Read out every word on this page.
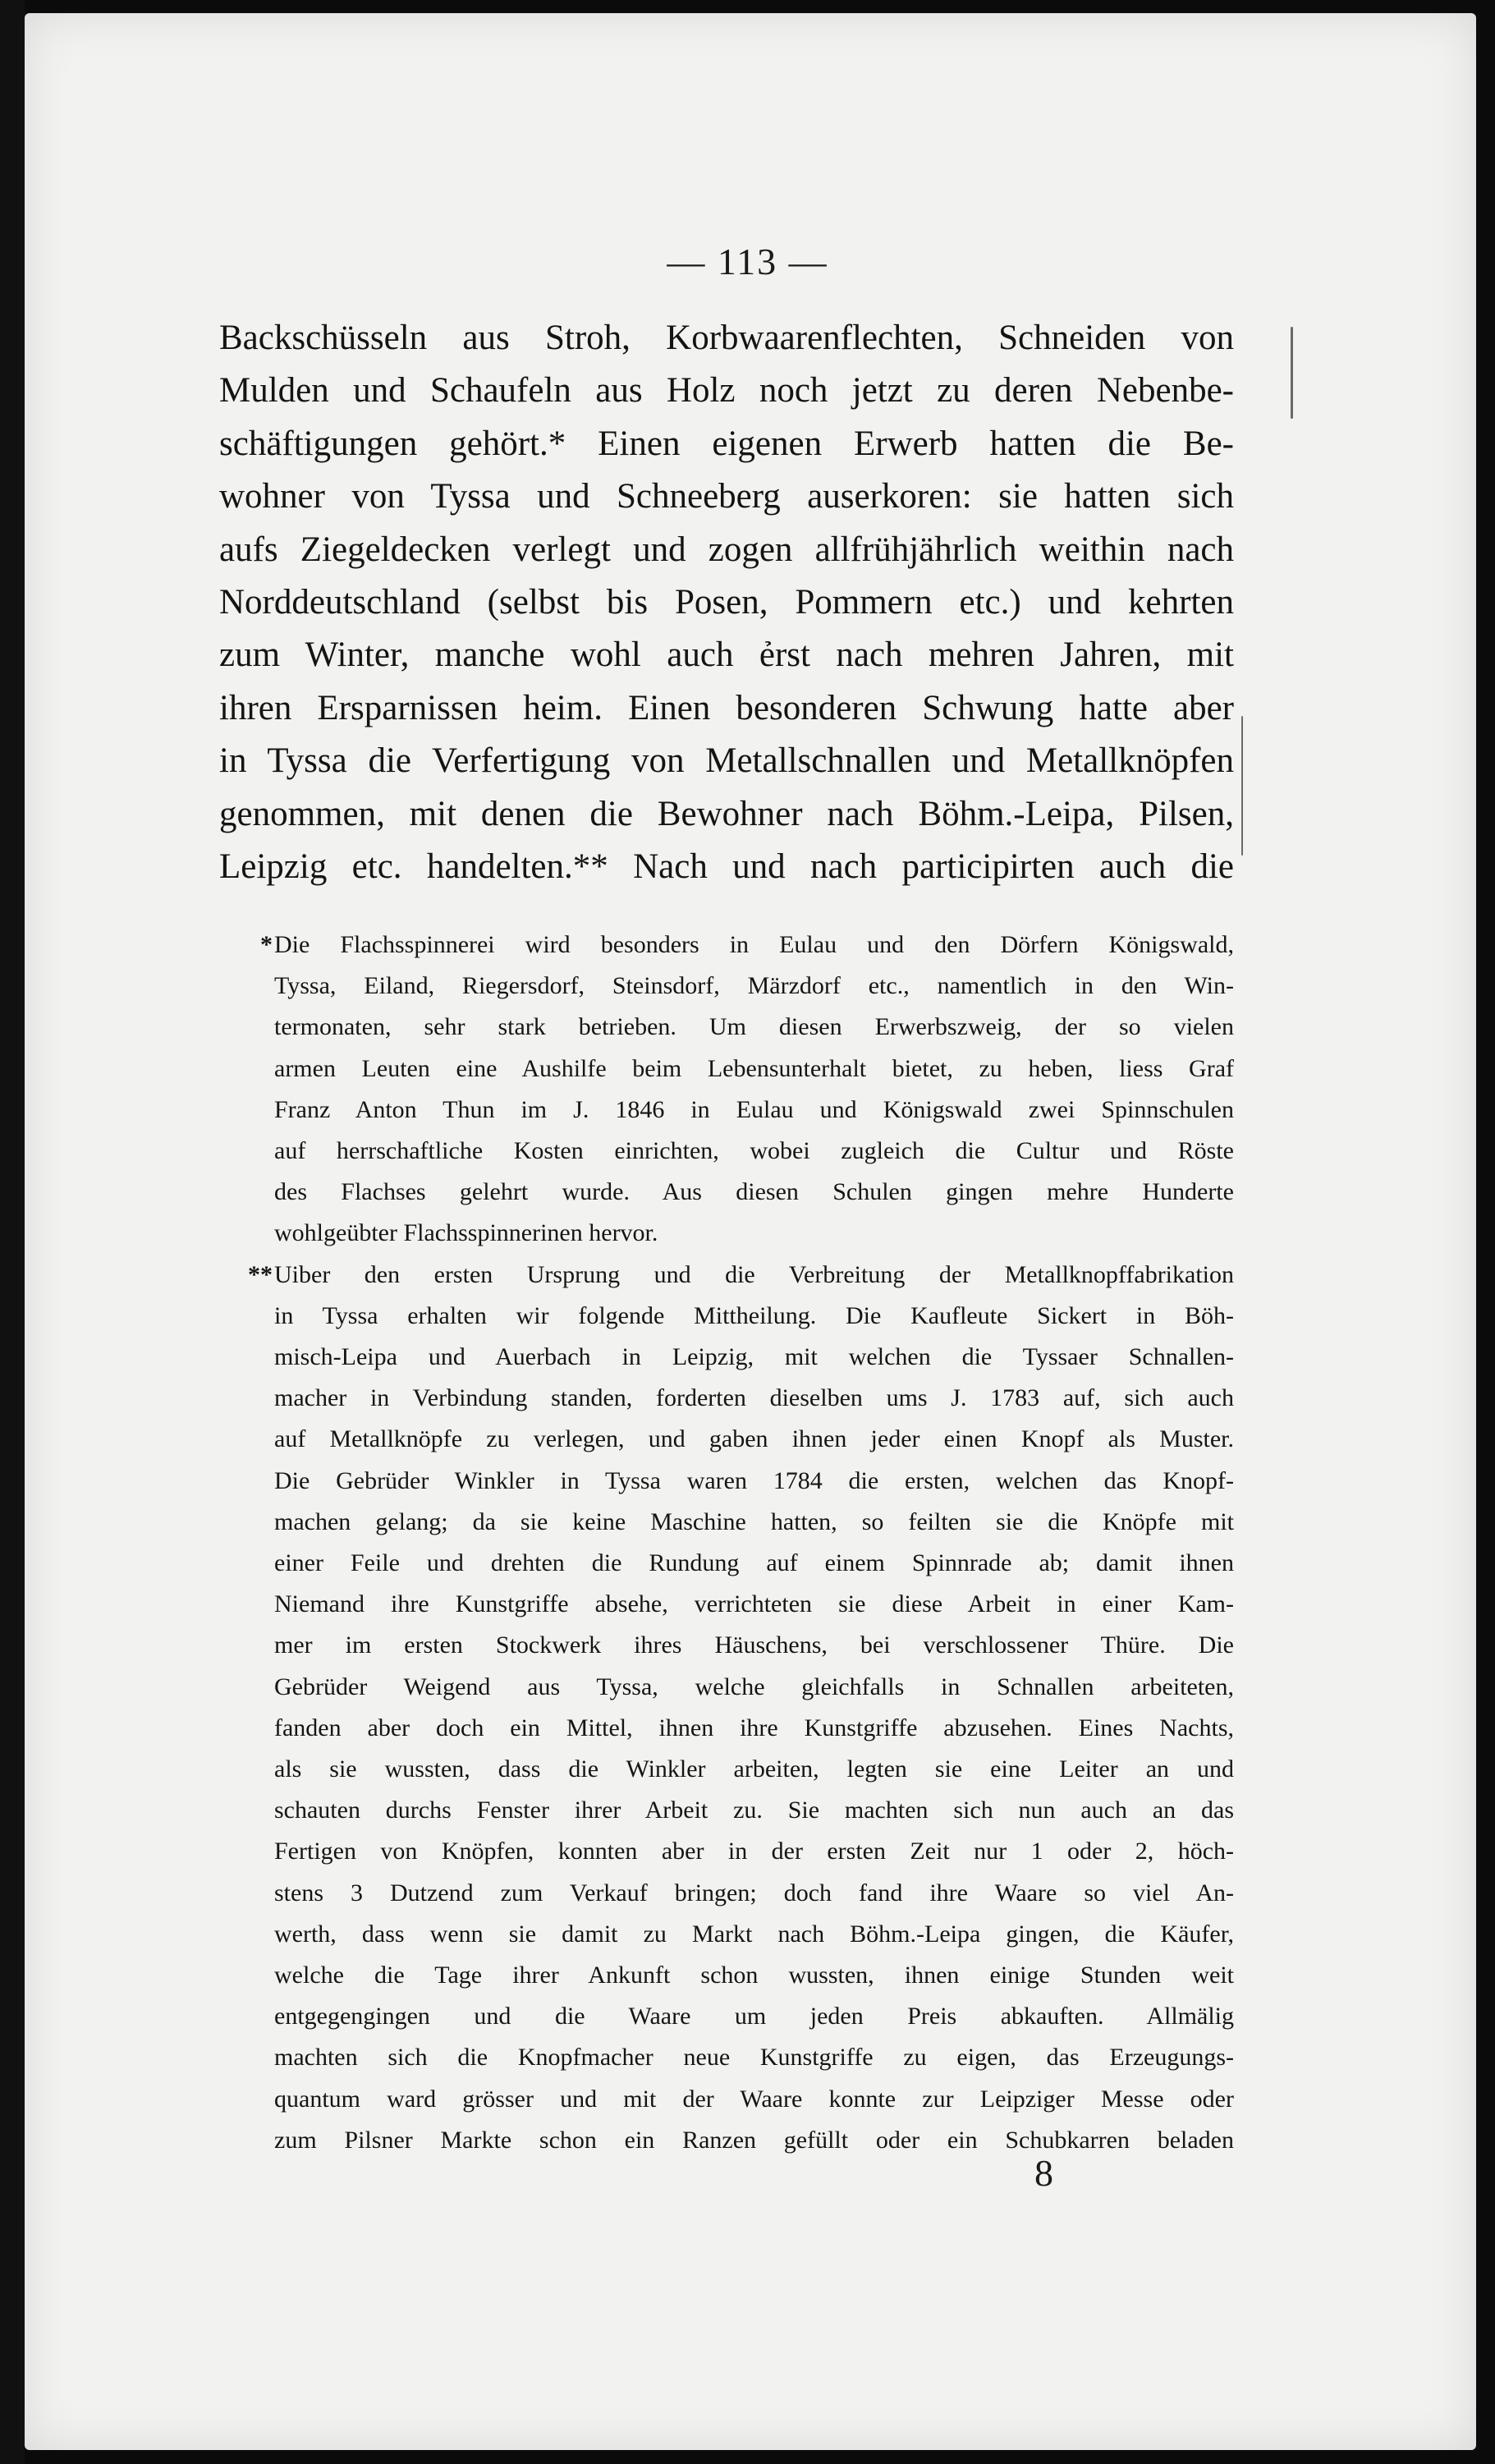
— 113 —
Backschüsseln aus Stroh, Korbwaarenflechten, Schneiden von
Mulden und Schaufeln aus Holz noch jetzt zu deren Nebenbe-
schäftigungen gehört.* Einen eigenen Erwerb hatten die Be-
wohner von Tyssa und Schneeberg auserkoren: sie hatten sich
aufs Ziegeldecken verlegt und zogen allfrühjährlich weithin nach
Norddeutschland (selbst bis Posen, Pommern etc.) und kehrten
zum Winter, manche wohl auch ẻrst nach mehren Jahren, mit
ihren Ersparnissen heim. Einen besonderen Schwung hatte aber
in Tyssa die Verfertigung von Metallschnallen und Metallknöpfen
genommen, mit denen die Bewohner nach Böhm.-Leipa, Pilsen,
Leipzig etc. handelten.** Nach und nach participirten auch die
* Die Flachsspinnerei wird besonders in Eulau und den Dörfern Königswald,
Tyssa, Eiland, Riegersdorf, Steinsdorf, Märzdorf etc., namentlich in den Win-
termonaten, sehr stark betrieben. Um diesen Erwerbszweig, der so vielen
armen Leuten eine Aushilfe beim Lebensunterhalt bietet, zu heben, liess Graf
Franz Anton Thun im J. 1846 in Eulau und Königswald zwei Spinnschulen
auf herrschaftliche Kosten einrichten, wobei zugleich die Cultur und Röste
des Flachses gelehrt wurde. Aus diesen Schulen gingen mehre Hunderte
wohlgeübter Flachsspinnerinen hervor.
** Uiber den ersten Ursprung und die Verbreitung der Metallknopffabrikation
in Tyssa erhalten wir folgende Mittheilung. Die Kaufleute Sickert in Böh-
misch-Leipa und Auerbach in Leipzig, mit welchen die Tyssaer Schnallen-
macher in Verbindung standen, forderten dieselben ums J. 1783 auf, sich auch
auf Metallknöpfe zu verlegen, und gaben ihnen jeder einen Knopf als Muster.
Die Gebrüder Winkler in Tyssa waren 1784 die ersten, welchen das Knopf-
machen gelang; da sie keine Maschine hatten, so feilten sie die Knöpfe mit
einer Feile und drehten die Rundung auf einem Spinnrade ab; damit ihnen
Niemand ihre Kunstgriffe absehe, verrichteten sie diese Arbeit in einer Kam-
mer im ersten Stockwerk ihres Häuschens, bei verschlossener Thüre. Die
Gebrüder Weigend aus Tyssa, welche gleichfalls in Schnallen arbeiteten,
fanden aber doch ein Mittel, ihnen ihre Kunstgriffe abzusehen. Eines Nachts,
als sie wussten, dass die Winkler arbeiten, legten sie eine Leiter an und
schauten durchs Fenster ihrer Arbeit zu. Sie machten sich nun auch an das
Fertigen von Knöpfen, konnten aber in der ersten Zeit nur 1 oder 2, höch-
stens 3 Dutzend zum Verkauf bringen; doch fand ihre Waare so viel An-
werth, dass wenn sie damit zu Markt nach Böhm.-Leipa gingen, die Käufer,
welche die Tage ihrer Ankunft schon wussten, ihnen einige Stunden weit
entgegengingen und die Waare um jeden Preis abkauften. Allmälig
machten sich die Knopfmacher neue Kunstgriffe zu eigen, das Erzeugungs-
quantum ward grösser und mit der Waare konnte zur Leipziger Messe oder
zum Pilsner Markte schon ein Ranzen gefüllt oder ein Schubkarren beladen
8
